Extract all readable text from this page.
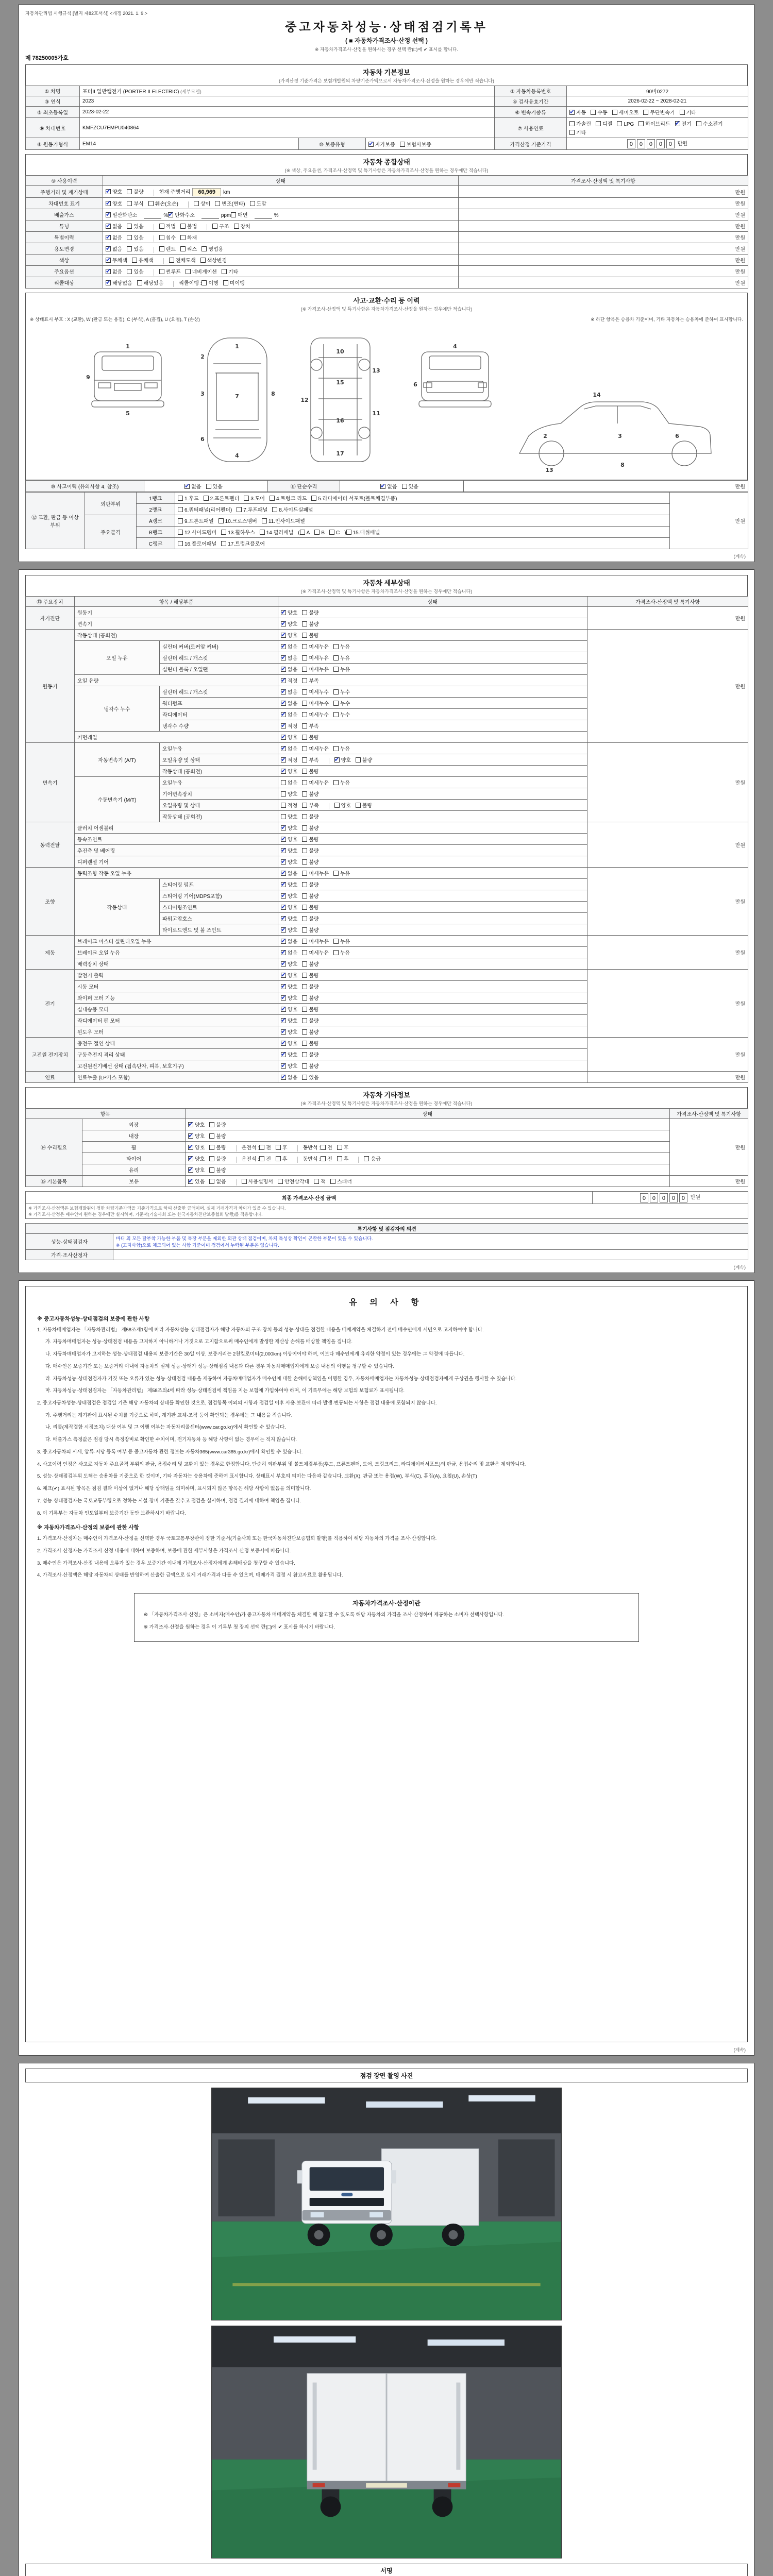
자동차관리법 시행규칙 [별지 제82호서식] <개정 2021. 1. 9.>
중고자동차성능·상태점검기록부
( ■ 자동차가격조사·산정 선택 )
※ 자동차가격조사·산정을 원하시는 경우 선택 란(□)에 ✔ 표시를 합니다.
제 78250005가호
자동차 기본정보
(가격산정 기준가격은 보험개발원의 차량기준가액으로서 자동차가격조사·산정을 원하는 경우에만 적습니다)
① 차명	포터II 일반캡전기 (PORTER II ELECTRIC) (세부모델)			② 자동차등록번호	90바0272
③ 연식	2023			④ 검사유효기간	2026-02-22 ~ 2028-02-21
⑤ 최초등록일	2023-02-22			⑥ 변속기종류	✔자동 수동 세미오토 무단변속기 기타
⑨ 차대번호	KMFZCU7EMPU040864			⑦ 사용연료	가솔린 디젤 LPG 하이브리드 ✔ 전기 수소전기기타
⑧ 원동기형식	EM14	⑩ 보증유형	✔자가보증 보험사보증	가격산정 기준가격	0 0 0 0 0 만원
자동차 종합상태
(※ 색상, 주요옵션, 가격조사·산정액 및 특기사항은 자동차가격조사·산정을 원하는 경우에만 적습니다)
⑨ 사용이력	상태	가격조사·산정액 및 특기사항
주행거리 및 계기상태	✔양호 불량 현재 주행거리 60,969 km	만원
차대번호 표기	✔양호 부식 훼손(오손) 상이 변조(변타) 도말	만원
배출가스	✔일산화탄소 % ✔ 탄화수소 ppm 매연 %	만원
튜닝	✔없음 있음 적법 불법 구조 장치	만원
특별이력	✔없음 있음 침수 화재	만원
용도변경	✔없음 있음 렌트 리스 영업용	만원
색상	✔무채색 유채색 전체도색 색상변경	만원
주요옵션	✔없음 있음 썬루프 네비게이션 기타	만원
리콜대상	✔해당없음 해당있음 리콜이행 : 이행 미이행	만원
사고·교환·수리 등 이력
(※ 가격조사·산정액 및 특기사항은 자동차가격조사·산정을 원하는 경우에만 적습니다)
※ 상태표시 부호 : X (교환), W (판금 또는 용접), C (부식), A (흠집), U (요철), T (손상)	※ 하단 항목은 승용차 기준이며, 기타 자동차는 승용차에 준하여 표시합니다.
1
9
5
1
2
3	7
6
4
8
10
15
12
13
11
16
17
4
6
14
2	3	6
8
13
⑩ 사고이력 (유의사항 4. 참조)	✔없음 있음	⑪ 단순수리	✔없음 있음	만원
⑫ 교환, 판금 등 이상 부위	외판부위	1랭크	1.후드 2.프론트펜더 3.도어 4.트렁크 리드 5.라디에이터 서포트(볼트체결부품)	만원
		2랭크	6.쿼터패널(리어펜더) 7.루프패널 8.사이드실패널	
	주요골격	A랭크	9.프론트패널 10.크로스멤버 11.인사이드패널	
		B랭크	12.사이드멤버 13.휠하우스 14.필러패널 ( A B C ) 15.대쉬패널	
		C랭크	16.플로어패널 17.트렁크플로어	
(계속)
자동차 세부상태
(※ 가격조사·산정액 및 특기사항은 자동차가격조사·산정을 원하는 경우에만 적습니다)
⑬ 주요장치	항목 / 해당부품		상태	가격조사·산정액 및 특기사항
자기진단	원동기	✔양호 불량	만원
	변속기	✔양호 불량
원동기	작동상태 (공회전)	✔양호 불량	만원
	오일 누유	실린더 커버(로커암 커버)	✔없음 미세누유 누유
		실린더 헤드 / 개스킷	✔없음 미세누유 누유
		실린더 블록 / 오일팬	✔없음 미세누유 누유
	오일 유량	✔적정 부족
	냉각수 누수	실린더 헤드 / 개스킷	✔없음 미세누수 누수
		워터펌프	✔없음 미세누수 누수
		라디에이터	✔없음 미세누수 누수
		냉각수 수량	✔적정 부족
	커먼레일	✔양호 불량
변속기	자동변속기 (A/T)	오일누유	✔없음 미세누유 누유	만원
		오일유량 및 상태	✔적정 부족 ✔ 양호 불량
		작동상태 (공회전)	✔양호 불량
	수동변속기 (M/T)	오일누유	없음 미세누유 누유	
		기어변속장치	양호 불량	
		오일유량 및 상태	적정 부족 양호 불량	
		작동상태 (공회전)	양호 불량	
동력전달	클러치 어셈블리	✔양호 불량	만원
	등속조인트	✔양호 불량
	추진축 및 베어링	✔양호 불량
	디퍼렌셜 기어	✔양호 불량
조향	동력조향 작동 오일 누유	✔없음 미세누유 누유	만원
	작동상태	스티어링 펌프	✔양호 불량
		스티어링 기어(MDPS포함)	✔양호 불량
		스티어링조인트	✔양호 불량
		파워고압호스	✔양호 불량
		타이로드엔드 및 볼 조인트	✔양호 불량
제동	브레이크 마스터 실린더오일 누유	✔없음 미세누유 누유	만원
	브레이크 오일 누유	✔없음 미세누유 누유
	배력장치 상태	✔양호 불량
전기	발전기 출력	✔양호 불량	만원
	시동 모터	✔양호 불량
	와이퍼 모터 기능	✔양호 불량
	실내송풍 모터	✔양호 불량
	라디에이터 팬 모터	✔양호 불량
	윈도우 모터	✔양호 불량
고전원 전기장치	충전구 절연 상태	✔양호 불량	만원
	구동축전지 격리 상태	✔양호 불량
	고전원전기배선 상태 (접속단자, 피복, 보호기구)	✔양호 불량
연료	연료누출 (LP가스 포함)	✔없음 있음	만원
자동차 기타정보
(※ 가격조사·산정액 및 특기사항은 자동차가격조사·산정을 원하는 경우에만 적습니다)
항목		상태	가격조사·산정액 및 특기사항
⑭ 수리필요	외장	✔양호 불량	만원
	내장	✔양호 불량
	휠	✔양호 불량 운전석 : 전 후 동반석 : 전 후
	타이어	✔양호 불량 운전석 : 전 후 동반석 : 전 후 응급
	유리	✔양호 불량
⑮ 기본품목	보유	✔있음 없음 사용설명서 안전삼각대 잭 스패너	만원
최종 가격조사·산정 금액	0 0 0 0 0 만원
※ 가격조사·산정액은 보험개발원이 정한 차량기준가액을 기준가격으로 하여 산출한 금액이며, 실제 거래가격과 차이가 있을 수 있습니다.
※ 가격조사·산정은 매수인이 원하는 경우에만 실시하며, 기준서(기술사회 또는 한국자동차진단보증협회 발행)를 적용합니다.
특기사항 및 점검자의 의견	
성능·상태점검자	바디 외 모든 탈부착 가능한 부품 및 특장 부분을 제외한 외관 상태 점검이며, 차체 특성상 확인이 곤란한 부분이 있을 수 있습니다.
※ (고지사항)으로 체크되어 있는 사항 기준이며 점검에서 누락된 부분은 없습니다.
가격·조사산정자	
(계속)
유 의 사 항
※ 중고자동차성능·상태점검의 보증에 관한 사항
1. 자동차매매업자는 「자동차관리법」 제58조제1항에 따라 자동차성능·상태점검자가 해당 자동차의 구조·장치 등의 성능·상태를 점검한 내용을 매매계약을 체결하기 전에 매수인에게 서면으로 고지하여야 합니다.
가. 자동차매매업자는 성능·상태점검 내용을 고지하지 아니하거나 거짓으로 고지함으로써 매수인에게 발생한 재산상 손해를 배상할 책임을 집니다.
나. 자동차매매업자가 고지하는 성능·상태점검 내용의 보증기간은 30일 이상, 보증거리는 2천킬로미터(2,000km) 이상이어야 하며, 이보다 매수인에게 유리한 약정이 있는 경우에는 그 약정에 따릅니다.
다. 매수인은 보증기간 또는 보증거리 이내에 자동차의 실제 성능·상태가 성능·상태점검 내용과 다른 경우 자동차매매업자에게 보증 내용의 이행을 청구할 수 있습니다.
라. 자동차성능·상태점검자가 거짓 또는 오류가 있는 성능·상태점검 내용을 제공하여 자동차매매업자가 매수인에 대한 손해배상책임을 이행한 경우, 자동차매매업자는 자동차성능·상태점검자에게 구상권을 행사할 수 있습니다.
마. 자동차성능·상태점검자는 「자동차관리법」 제58조의4에 따라 성능·상태점검에 책임을 지는 보험에 가입하여야 하며, 이 기록부에는 해당 보험의 보험료가 표시됩니다.
2. 중고자동차성능·상태점검은 점검일 기준 해당 자동차의 상태를 확인한 것으로, 점검항목 이외의 사항과 점검일 이후 사용·보관에 따라 발생·변동되는 사항은 점검 내용에 포함되지 않습니다.
가. 주행거리는 계기판에 표시된 수치를 기준으로 하며, 계기판 교체·조작 등이 확인되는 경우에는 그 내용을 적습니다.
나. 리콜(제작결함 시정조치) 대상 여부 및 그 이행 여부는 자동차리콜센터(www.car.go.kr)에서 확인할 수 있습니다.
다. 배출가스 측정값은 점검 당시 측정장비로 확인한 수치이며, 전기자동차 등 해당 사항이 없는 경우에는 적지 않습니다.
3. 중고자동차의 시세, 압류·저당 등록 여부 등 중고자동차 관련 정보는 자동차365(www.car365.go.kr)에서 확인할 수 있습니다.
4. 사고이력 인정은 사고로 자동차 주요골격 부위의 판금, 용접수리 및 교환이 있는 경우로 한정합니다. 단순히 외판부위 및 볼트체결부품(후드, 프론트펜더, 도어, 트렁크리드, 라디에이터서포트)의 판금, 용접수리 및 교환은 제외합니다.
5. 성능·상태점검부위 도해는 승용차를 기준으로 한 것이며, 기타 자동차는 승용차에 준하여 표시합니다. 상태표시 부호의 의미는 다음과 같습니다. 교환(X), 판금 또는 용접(W), 부식(C), 흠집(A), 요철(U), 손상(T)
6. 체크(✔) 표시된 항목은 점검 결과 이상이 없거나 해당 상태임을 의미하며, 표시되지 않은 항목은 해당 사항이 없음을 의미합니다.
7. 성능·상태점검자는 국토교통부령으로 정하는 시설·장비 기준을 갖추고 점검을 실시하며, 점검 결과에 대하여 책임을 집니다.
8. 이 기록부는 자동차 인도일부터 보증기간 동안 보관하시기 바랍니다.
※ 자동차가격조사·산정의 보증에 관한 사항
1. 가격조사·산정자는 매수인이 가격조사·산정을 선택한 경우 국토교통부장관이 정한 기준서(기술사회 또는 한국자동차진단보증협회 발행)를 적용하여 해당 자동차의 가격을 조사·산정합니다.
2. 가격조사·산정자는 가격조사·산정 내용에 대하여 보증하며, 보증에 관한 세부사항은 가격조사·산정 보증서에 따릅니다.
3. 매수인은 가격조사·산정 내용에 오류가 있는 경우 보증기간 이내에 가격조사·산정자에게 손해배상을 청구할 수 있습니다.
4. 가격조사·산정액은 해당 자동차의 상태를 반영하여 산출한 금액으로 실제 거래가격과 다를 수 있으며, 매매가격 결정 시 참고자료로 활용됩니다.
자동차가격조사·산정이란
※ 「자동차가격조사·산정」은 소비자(매수인)가 중고자동차 매매계약을 체결할 때 참고할 수 있도록 해당 자동차의 가격을 조사·산정하여 제공하는 소비자 선택사항입니다.
※ 가격조사·산정을 원하는 경우 이 기록부 첫 장의 선택 란(□)에 ✔ 표시를 하시기 바랍니다.
(계속)
점검 장면 촬영 사진
서명
